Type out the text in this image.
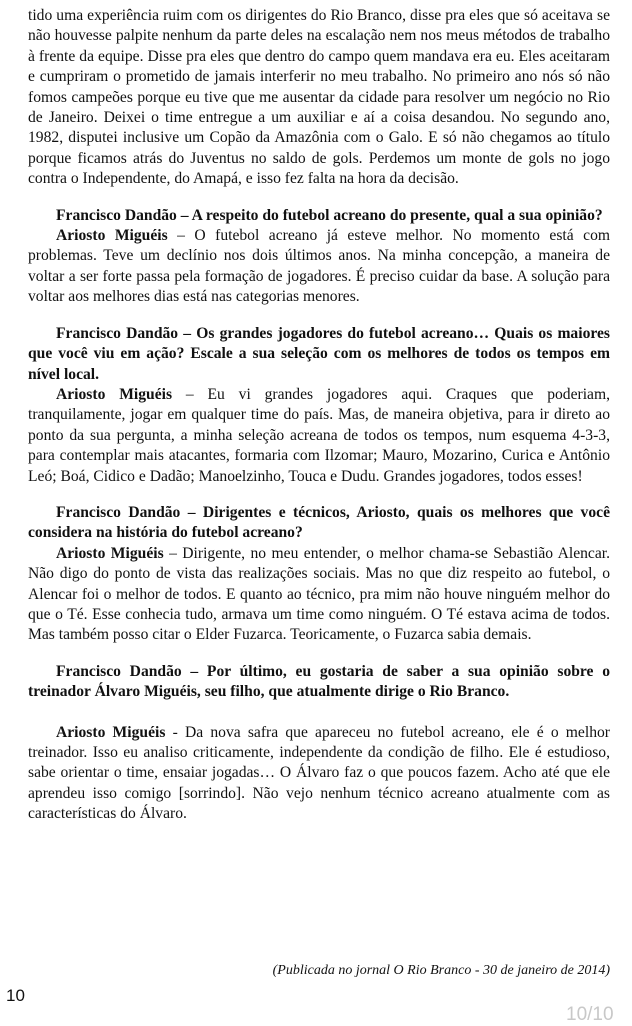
tido uma experiência ruim com os dirigentes do Rio Branco, disse pra eles que só aceitava se não houvesse palpite nenhum da parte deles na escalação nem nos meus métodos de trabalho à frente da equipe. Disse pra eles que dentro do campo quem mandava era eu. Eles aceitaram e cumpriram o prometido de jamais interferir no meu trabalho. No primeiro ano nós só não fomos campeões porque eu tive que me ausentar da cidade para resolver um negócio no Rio de Janeiro. Deixei o time entregue a um auxiliar e aí a coisa desandou. No segundo ano, 1982, disputei inclusive um Copão da Amazônia com o Galo. E só não chegamos ao título porque ficamos atrás do Juventus no saldo de gols. Perdemos um monte de gols no jogo contra o Independente, do Amapá, e isso fez falta na hora da decisão.

Francisco Dandão – A respeito do futebol acreano do presente, qual a sua opinião?

Ariosto Miguéis – O futebol acreano já esteve melhor. No momento está com problemas. Teve um declínio nos dois últimos anos. Na minha concepção, a maneira de voltar a ser forte passa pela formação de jogadores. É preciso cuidar da base. A solução para voltar aos melhores dias está nas categorias menores.

Francisco Dandão – Os grandes jogadores do futebol acreano… Quais os maiores que você viu em ação? Escale a sua seleção com os melhores de todos os tempos em nível local.

Ariosto Miguéis – Eu vi grandes jogadores aqui. Craques que poderiam, tranquilamente, jogar em qualquer time do país. Mas, de maneira objetiva, para ir direto ao ponto da sua pergunta, a minha seleção acreana de todos os tempos, num esquema 4-3-3, para contemplar mais atacantes, formaria com Ilzomar; Mauro, Mozarino, Curica e Antônio Leó; Boá, Cidico e Dadão; Manoelzinho, Touca e Dudu. Grandes jogadores, todos esses!

Francisco Dandão – Dirigentes e técnicos, Ariosto, quais os melhores que você considera na história do futebol acreano?

Ariosto Miguéis – Dirigente, no meu entender, o melhor chama-se Sebastião Alencar. Não digo do ponto de vista das realizações sociais. Mas no que diz respeito ao futebol, o Alencar foi o melhor de todos. E quanto ao técnico, pra mim não houve ninguém melhor do que o Té. Esse conhecia tudo, armava um time como ninguém. O Té estava acima de todos. Mas também posso citar o Elder Fuzarca. Teoricamente, o Fuzarca sabia demais.

Francisco Dandão – Por último, eu gostaria de saber a sua opinião sobre o treinador Álvaro Miguéis, seu filho, que atualmente dirige o Rio Branco.

Ariosto Miguéis - Da nova safra que apareceu no futebol acreano, ele é o melhor treinador. Isso eu analiso criticamente, independente da condição de filho. Ele é estudioso, sabe orientar o time, ensaiar jogadas… O Álvaro faz o que poucos fazem. Acho até que ele aprendeu isso comigo [sorrindo]. Não vejo nenhum técnico acreano atualmente com as características do Álvaro.

(Publicada no jornal O Rio Branco - 30 de janeiro de 2014)
10
10/10
